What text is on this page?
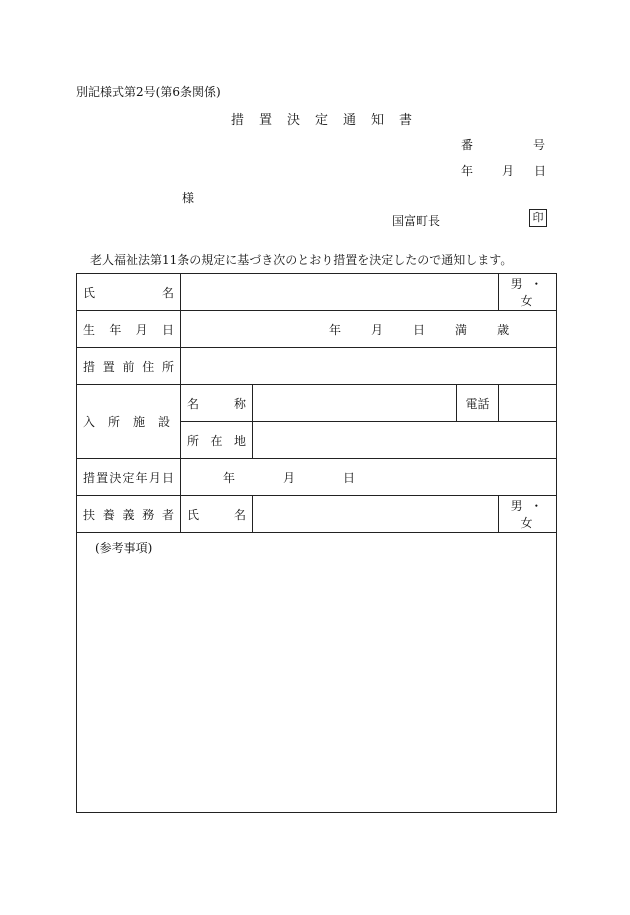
別記様式第2号(第6条関係)
措置決定通知書
番	号
年 月 日
様
国富町長	印
老人福祉法第11条の規定に基づき次のとおり措置を決定したので通知します。
氏名				男 ・ 女
生年月日	年 月 日 満 歳			
措置前住所				
入所施設	名称		電話	
	所在地			
措置決定年月日	年 月 日			
扶養義務者	氏名			男 ・ 女
(参考事項)				
